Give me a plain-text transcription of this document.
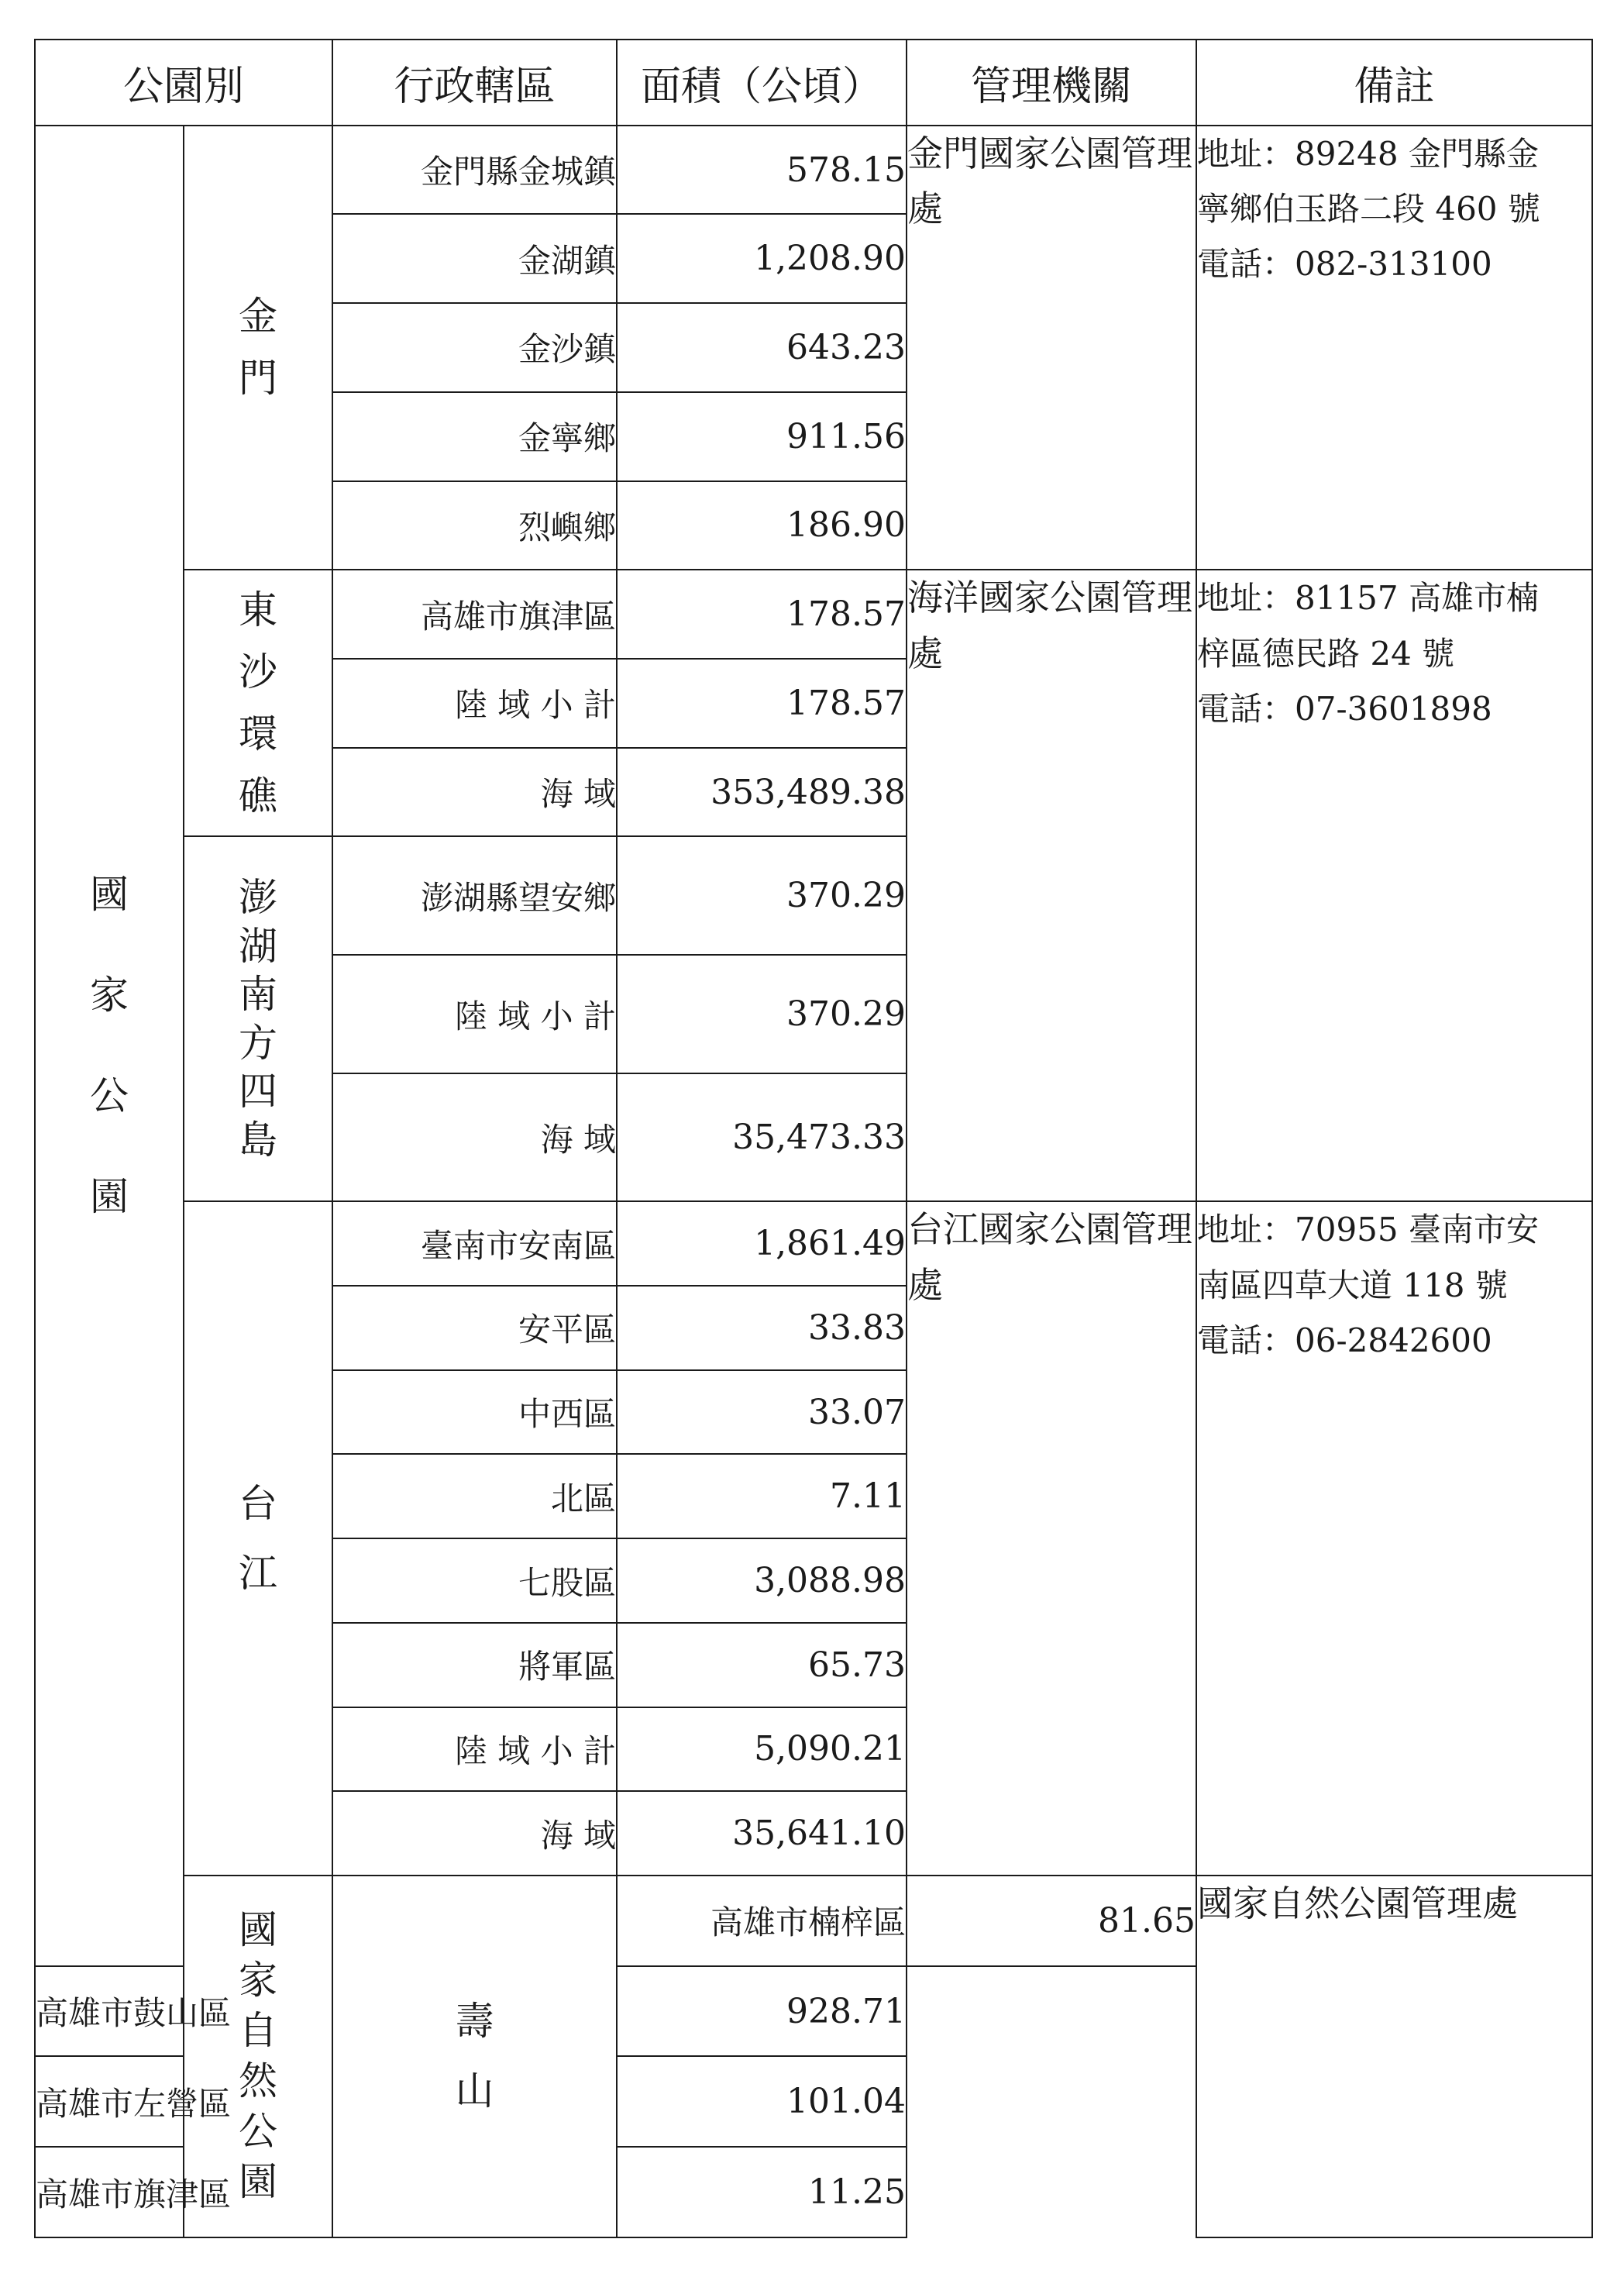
公園別		行政轄區	面積（公頃）	管理機關	備註	
國家公園	金門	金門縣金城鎮	578.15	金門國家公園管理處	地址：89248 金門縣金
寧鄉伯玉路二段 460 號
電話：082-313100	

		金湖鎮	1,208.90			
		金沙鎮	643.23			
		金寧鄉	911.56			
		烈嶼鄉	186.90			
	東沙環礁	高雄市旗津區	178.57	海洋國家公園管理處	地址：81157 高雄市楠
梓區德民路 24 號
電話：07-3601898	

		陸 域 小 計	178.57			
		海 域	353,489.38			
	澎湖南方四島	澎湖縣望安鄉	370.29			
		陸 域 小 計	370.29			
		海 域	35,473.33			
	台江	臺南市安南區	1,861.49	台江國家公園管理處	地址：70955 臺南市安
南區四草大道 118 號
電話：06-2842600	

		安平區	33.83			
		中西區	33.07			
		北區	7.11			
		七股區	3,088.98			
		將軍區	65.73			
		陸 域 小 計	5,090.21			
		海 域	35,641.10			
	國家自然公園	壽山	高雄市楠梓區	81.65	國家自然公園管理處	

高雄市鼓山區			928.71			
高雄市左營區			101.04			
高雄市旗津區			11.25			
